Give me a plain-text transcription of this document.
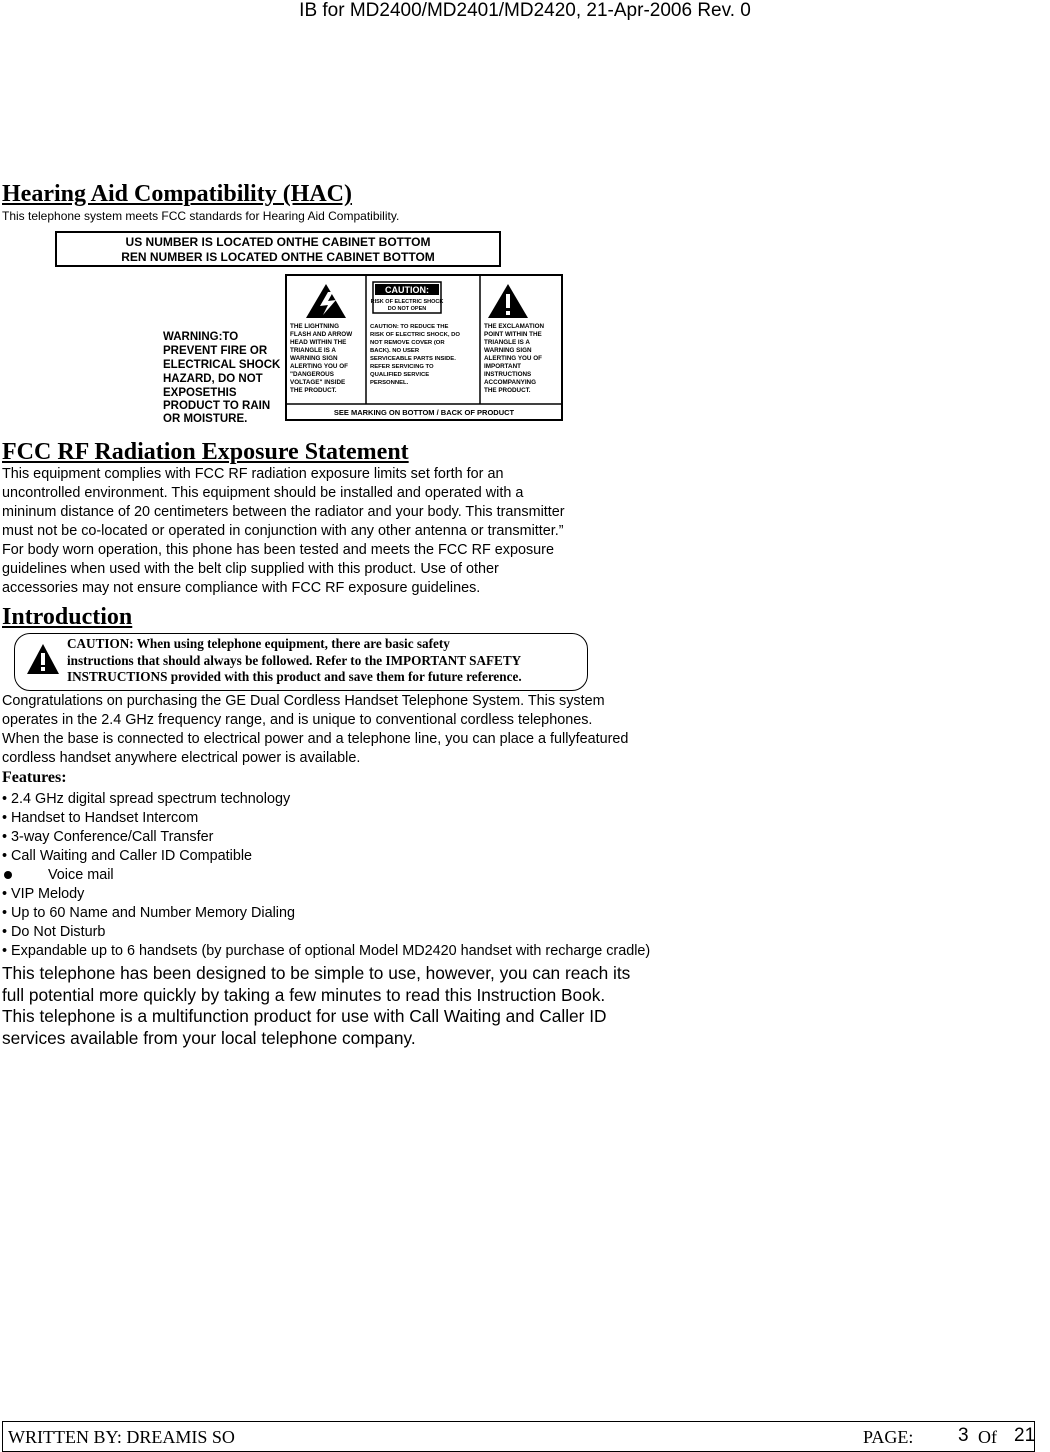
IB for MD2400/MD2401/MD2420, 21-Apr-2006 Rev. 0
Hearing Aid Compatibility (HAC)
This telephone system meets FCC standards for Hearing Aid Compatibility.
US NUMBER IS LOCATED ONTHE CABINET BOTTOM
REN NUMBER IS LOCATED ONTHE CABINET BOTTOM
WARNING:TO
PREVENT FIRE OR
ELECTRICAL SHOCK
HAZARD, DO NOT
EXPOSETHIS
PRODUCT TO RAIN
OR MOISTURE.
CAUTION:
RISK OF ELECTRIC SHOCK
DO NOT OPEN
THE LIGHTNING
FLASH AND ARROW
HEAD WITHIN THE
TRIANGLE IS A
WARNING SIGN
ALERTING YOU OF
"DANGEROUS
VOLTAGE" INSIDE
THE PRODUCT.
CAUTION: TO REDUCE THE
RISK OF ELECTRIC SHOCK, DO
NOT REMOVE COVER (OR
BACK). NO USER
SERVICEABLE PARTS INSIDE.
REFER SERVICING TO
QUALIFIED SERVICE
PERSONNEL.
THE EXCLAMATION
POINT WITHIN THE
TRIANGLE IS A
WARNING SIGN
ALERTING YOU OF
IMPORTANT
INSTRUCTIONS
ACCOMPANYING
THE PRODUCT.
SEE MARKING ON BOTTOM / BACK OF PRODUCT
FCC RF Radiation Exposure Statement

This equipment complies with FCC RF radiation exposure limits set forth for an

uncontrolled environment. This equipment should be installed and operated with a

mininum distance of 20 centimeters between the radiator and your body. This transmitter

must not be co-located or operated in conjunction with any other antenna or transmitter.”

For body worn operation, this phone has been tested and meets the FCC RF exposure

guidelines when used with the belt clip supplied with this product. Use of other

accessories may not ensure compliance with FCC RF exposure guidelines.

Introduction
CAUTION: When using telephone equipment, there are basic safety
instructions that should always be followed. Refer to the IMPORTANT SAFETY
INSTRUCTIONS provided with this product and save them for future reference.

Congratulations on purchasing the GE Dual Cordless Handset Telephone System. This system

operates in the 2.4 GHz frequency range, and is unique to conventional cordless telephones.

When the base is connected to electrical power and a telephone line, you can place a fullyfeatured

cordless handset anywhere electrical power is available.

Features:
• 2.4 GHz digital spread spectrum technology
• Handset to Handset Intercom
• 3-way Conference/Call Transfer
• Call Waiting and Caller ID Compatible
Voice mail
• VIP Melody
• Up to 60 Name and Number Memory Dialing
• Do Not Disturb
• Expandable up to 6 handsets (by purchase of optional Model MD2420 handset with recharge cradle)

This telephone has been designed to be simple to use, however, you can reach its

full potential more quickly by taking a few minutes to read this Instruction Book.

This telephone is a multifunction product for use with Call Waiting and Caller ID

services available from your local telephone company.

WRITTEN BY: DREAMIS SO	PAGE: 3 Of 21
